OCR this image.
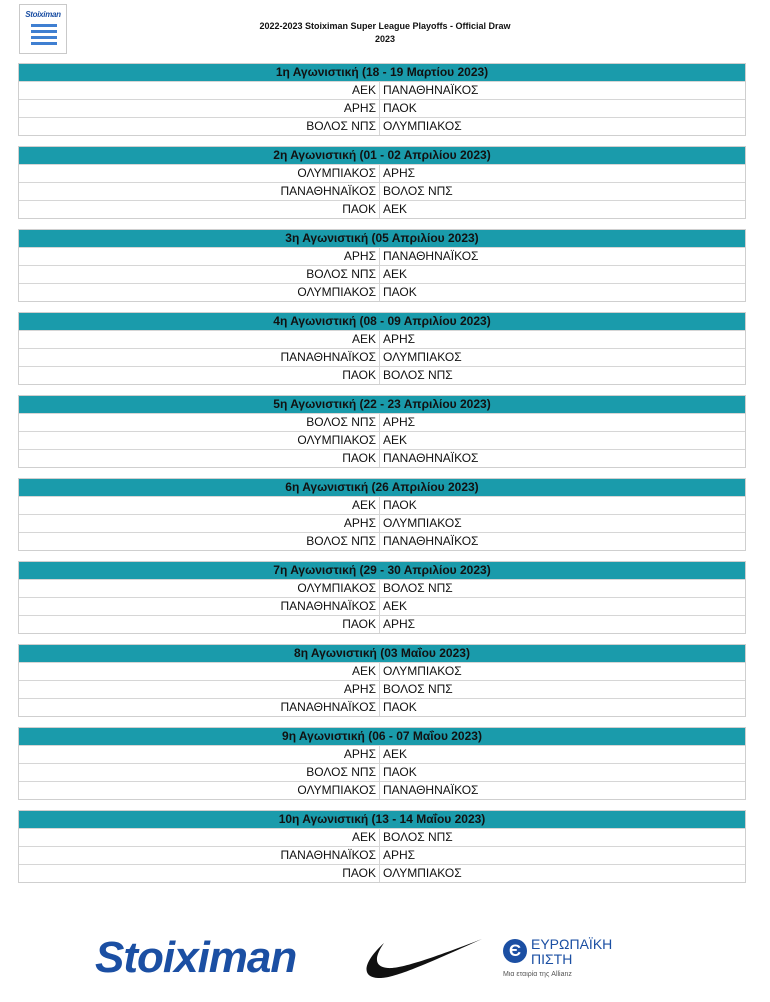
Stoiximan
2022-2023 Stoiximan Super League Playoffs - Official Draw
2023
1η Αγωνιστική (18 - 19 Μαρτίου 2023)
ΑΕΚ ΠΑΝΑΘΗΝΑΪΚΟΣ
ΑΡΗΣ ΠΑΟΚ
ΒΟΛΟΣ ΝΠΣ ΟΛΥΜΠΙΑΚΟΣ
2η Αγωνιστική (01 - 02 Απριλίου 2023)
ΟΛΥΜΠΙΑΚΟΣ ΑΡΗΣ
ΠΑΝΑΘΗΝΑΪΚΟΣ ΒΟΛΟΣ ΝΠΣ
ΠΑΟΚ ΑΕΚ
3η Αγωνιστική (05 Απριλίου 2023)
ΑΡΗΣ ΠΑΝΑΘΗΝΑΪΚΟΣ
ΒΟΛΟΣ ΝΠΣ ΑΕΚ
ΟΛΥΜΠΙΑΚΟΣ ΠΑΟΚ
4η Αγωνιστική (08 - 09 Απριλίου 2023)
ΑΕΚ ΑΡΗΣ
ΠΑΝΑΘΗΝΑΪΚΟΣ ΟΛΥΜΠΙΑΚΟΣ
ΠΑΟΚ ΒΟΛΟΣ ΝΠΣ
5η Αγωνιστική (22 - 23 Απριλίου 2023)
ΒΟΛΟΣ ΝΠΣ ΑΡΗΣ
ΟΛΥΜΠΙΑΚΟΣ ΑΕΚ
ΠΑΟΚ ΠΑΝΑΘΗΝΑΪΚΟΣ
6η Αγωνιστική (26 Απριλίου 2023)
ΑΕΚ ΠΑΟΚ
ΑΡΗΣ ΟΛΥΜΠΙΑΚΟΣ
ΒΟΛΟΣ ΝΠΣ ΠΑΝΑΘΗΝΑΪΚΟΣ
7η Αγωνιστική (29 - 30 Απριλίου 2023)
ΟΛΥΜΠΙΑΚΟΣ ΒΟΛΟΣ ΝΠΣ
ΠΑΝΑΘΗΝΑΪΚΟΣ ΑΕΚ
ΠΑΟΚ ΑΡΗΣ
8η Αγωνιστική (03 Μαΐου 2023)
ΑΕΚ ΟΛΥΜΠΙΑΚΟΣ
ΑΡΗΣ ΒΟΛΟΣ ΝΠΣ
ΠΑΝΑΘΗΝΑΪΚΟΣ ΠΑΟΚ
9η Αγωνιστική (06 - 07 Μαΐου 2023)
ΑΡΗΣ ΑΕΚ
ΒΟΛΟΣ ΝΠΣ ΠΑΟΚ
ΟΛΥΜΠΙΑΚΟΣ ΠΑΝΑΘΗΝΑΪΚΟΣ
10η Αγωνιστική (13 - 14 Μαΐου 2023)
ΑΕΚ ΒΟΛΟΣ ΝΠΣ
ΠΑΝΑΘΗΝΑΪΚΟΣ ΑΡΗΣ
ΠΑΟΚ ΟΛΥΜΠΙΑΚΟΣ
Stoiximan	Є ΕΥΡΩΠΑΪΚΗ
ΠΙΣΤΗ
Μια εταιρία της Allianz
